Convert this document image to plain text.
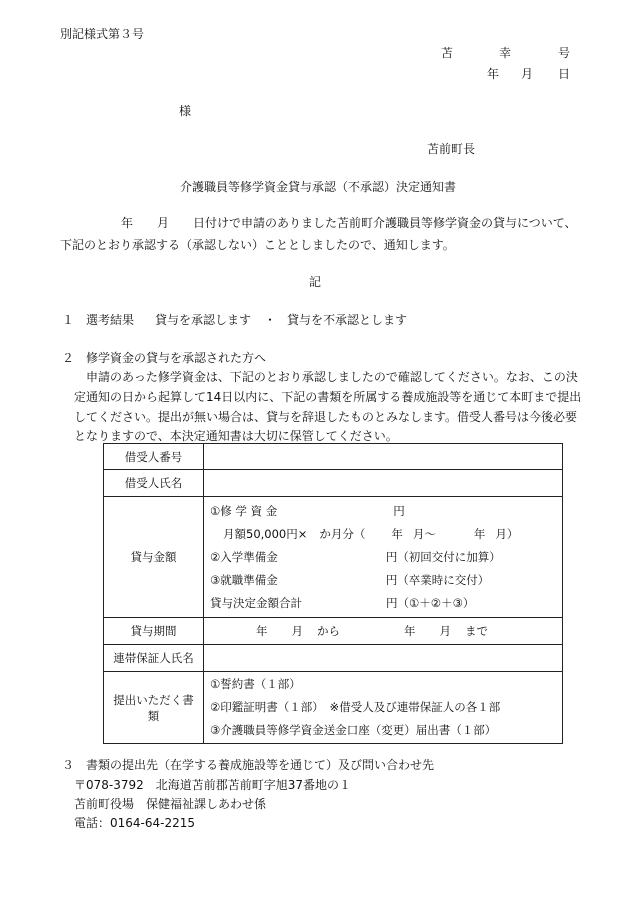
別記様式第３号
苫	幸	号
年 月 日
様
苫前町長
介護職員等修学資金貸与承認（不承認）決定通知書
年 月 日付けで申請のありました苫前町介護職員等修学資金の貸与について、
下記のとおり承認する（承認しない）こととしましたので、通知します。
記
１ 選考結果 貸与を承認します ・ 貸与を不承認とします
２ 修学資金の貸与を承認された方へ
申請のあった修学資金は、下記のとおり承認しましたので確認してください。なお、この決
定通知の日から起算して14日以内に、下記の書類を所属する養成施設等を通じて本町まで提出
してください。提出が無い場合は、貸与を辞退したものとみなします。借受人番号は今後必要
となりますので、本決定通知書は大切に保管してください。
借受人番号	
借受人氏名	
貸与金額	①修 学 資 金 円
月額50,000円× か月分（ 年 月～ 年 月）
②入学準備金 円（初回交付に加算）
③就職準備金 円（卒業時に交付）
貸与決定金額合計 円（①＋②＋③）

貸与期間	年 月 から 年 月 まで
連帯保証人氏名	
提出いただく書類	①誓約書（１部）
②印鑑証明書（１部）　※借受人及び連帯保証人の各１部
③介護職員等修学資金送金口座（変更）届出書（１部）
３ 書類の提出先（在学する養成施設等を通じて）及び問い合わせ先
〒078-3792　北海道苫前郡苫前町字旭37番地の１
苫前町役場　保健福祉課しあわせ係
電話：0164-64-2215
